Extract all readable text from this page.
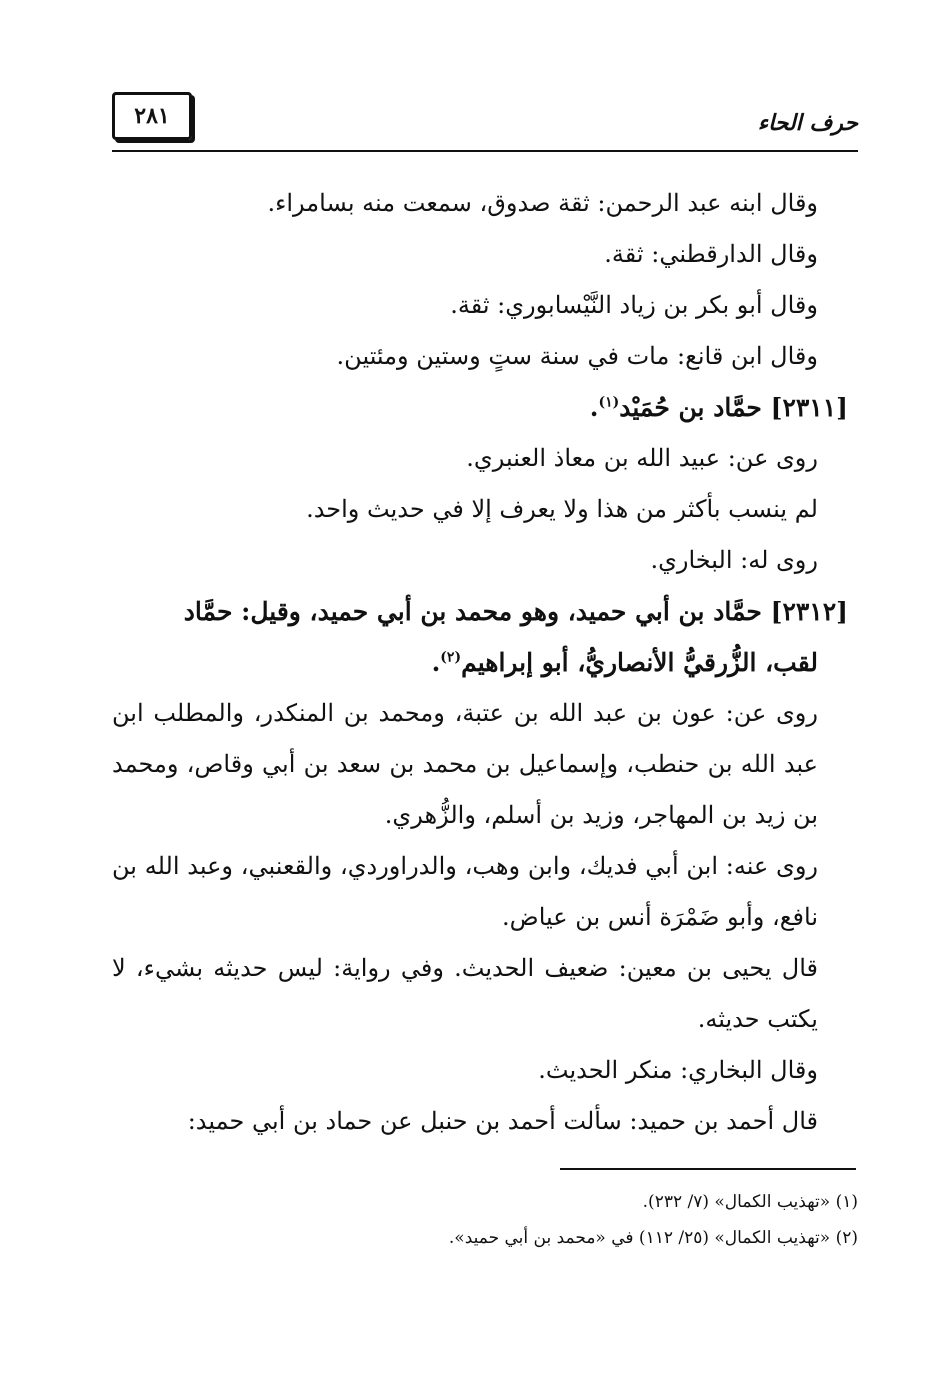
حرف الحاء
٢٨١

وقال ابنه عبد الرحمن: ثقة صدوق، سمعت منه بسامراء.

وقال الدارقطني: ثقة.

وقال أبو بكر بن زياد النَّيْسابوري: ثقة.

وقال ابن قانع: مات في سنة ستٍ وستين ومئتين.

[٢٣١١] حمَّاد بن حُمَيْد$^{(١)}$.

روى عن: عبيد الله بن معاذ العنبري.

لم ينسب بأكثر من هذا ولا يعرف إلا في حديث واحد.

روى له: البخاري.

[٢٣١٢] حمَّاد بن أبي حميد، وهو محمد بن أبي حميد، وقيل: حمَّاد

لقب، الزُّرقيُّ الأنصاريُّ، أبو إبراهيم$^{(٢)}$.

روى عن: عون بن عبد الله بن عتبة، ومحمد بن المنكدر، والمطلب ابن عبد الله بن حنطب، وإسماعيل بن محمد بن سعد بن أبي وقاص، ومحمد بن زيد بن المهاجر، وزيد بن أسلم، والزُّهري.

روى عنه: ابن أبي فديك، وابن وهب، والدراوردي، والقعنبي، وعبد الله بن نافع، وأبو ضَمْرَة أنس بن عياض.

قال يحيى بن معين: ضعيف الحديث. وفي رواية: ليس حديثه بشيء، لا يكتب حديثه.

وقال البخاري: منكر الحديث.

قال أحمد بن حميد: سألت أحمد بن حنبل عن حماد بن أبي حميد:

(١) «تهذيب الكمال» (٧/ ٢٣٢).

(٢) «تهذيب الكمال» (٢٥/ ١١٢) في «محمد بن أبي حميد».
